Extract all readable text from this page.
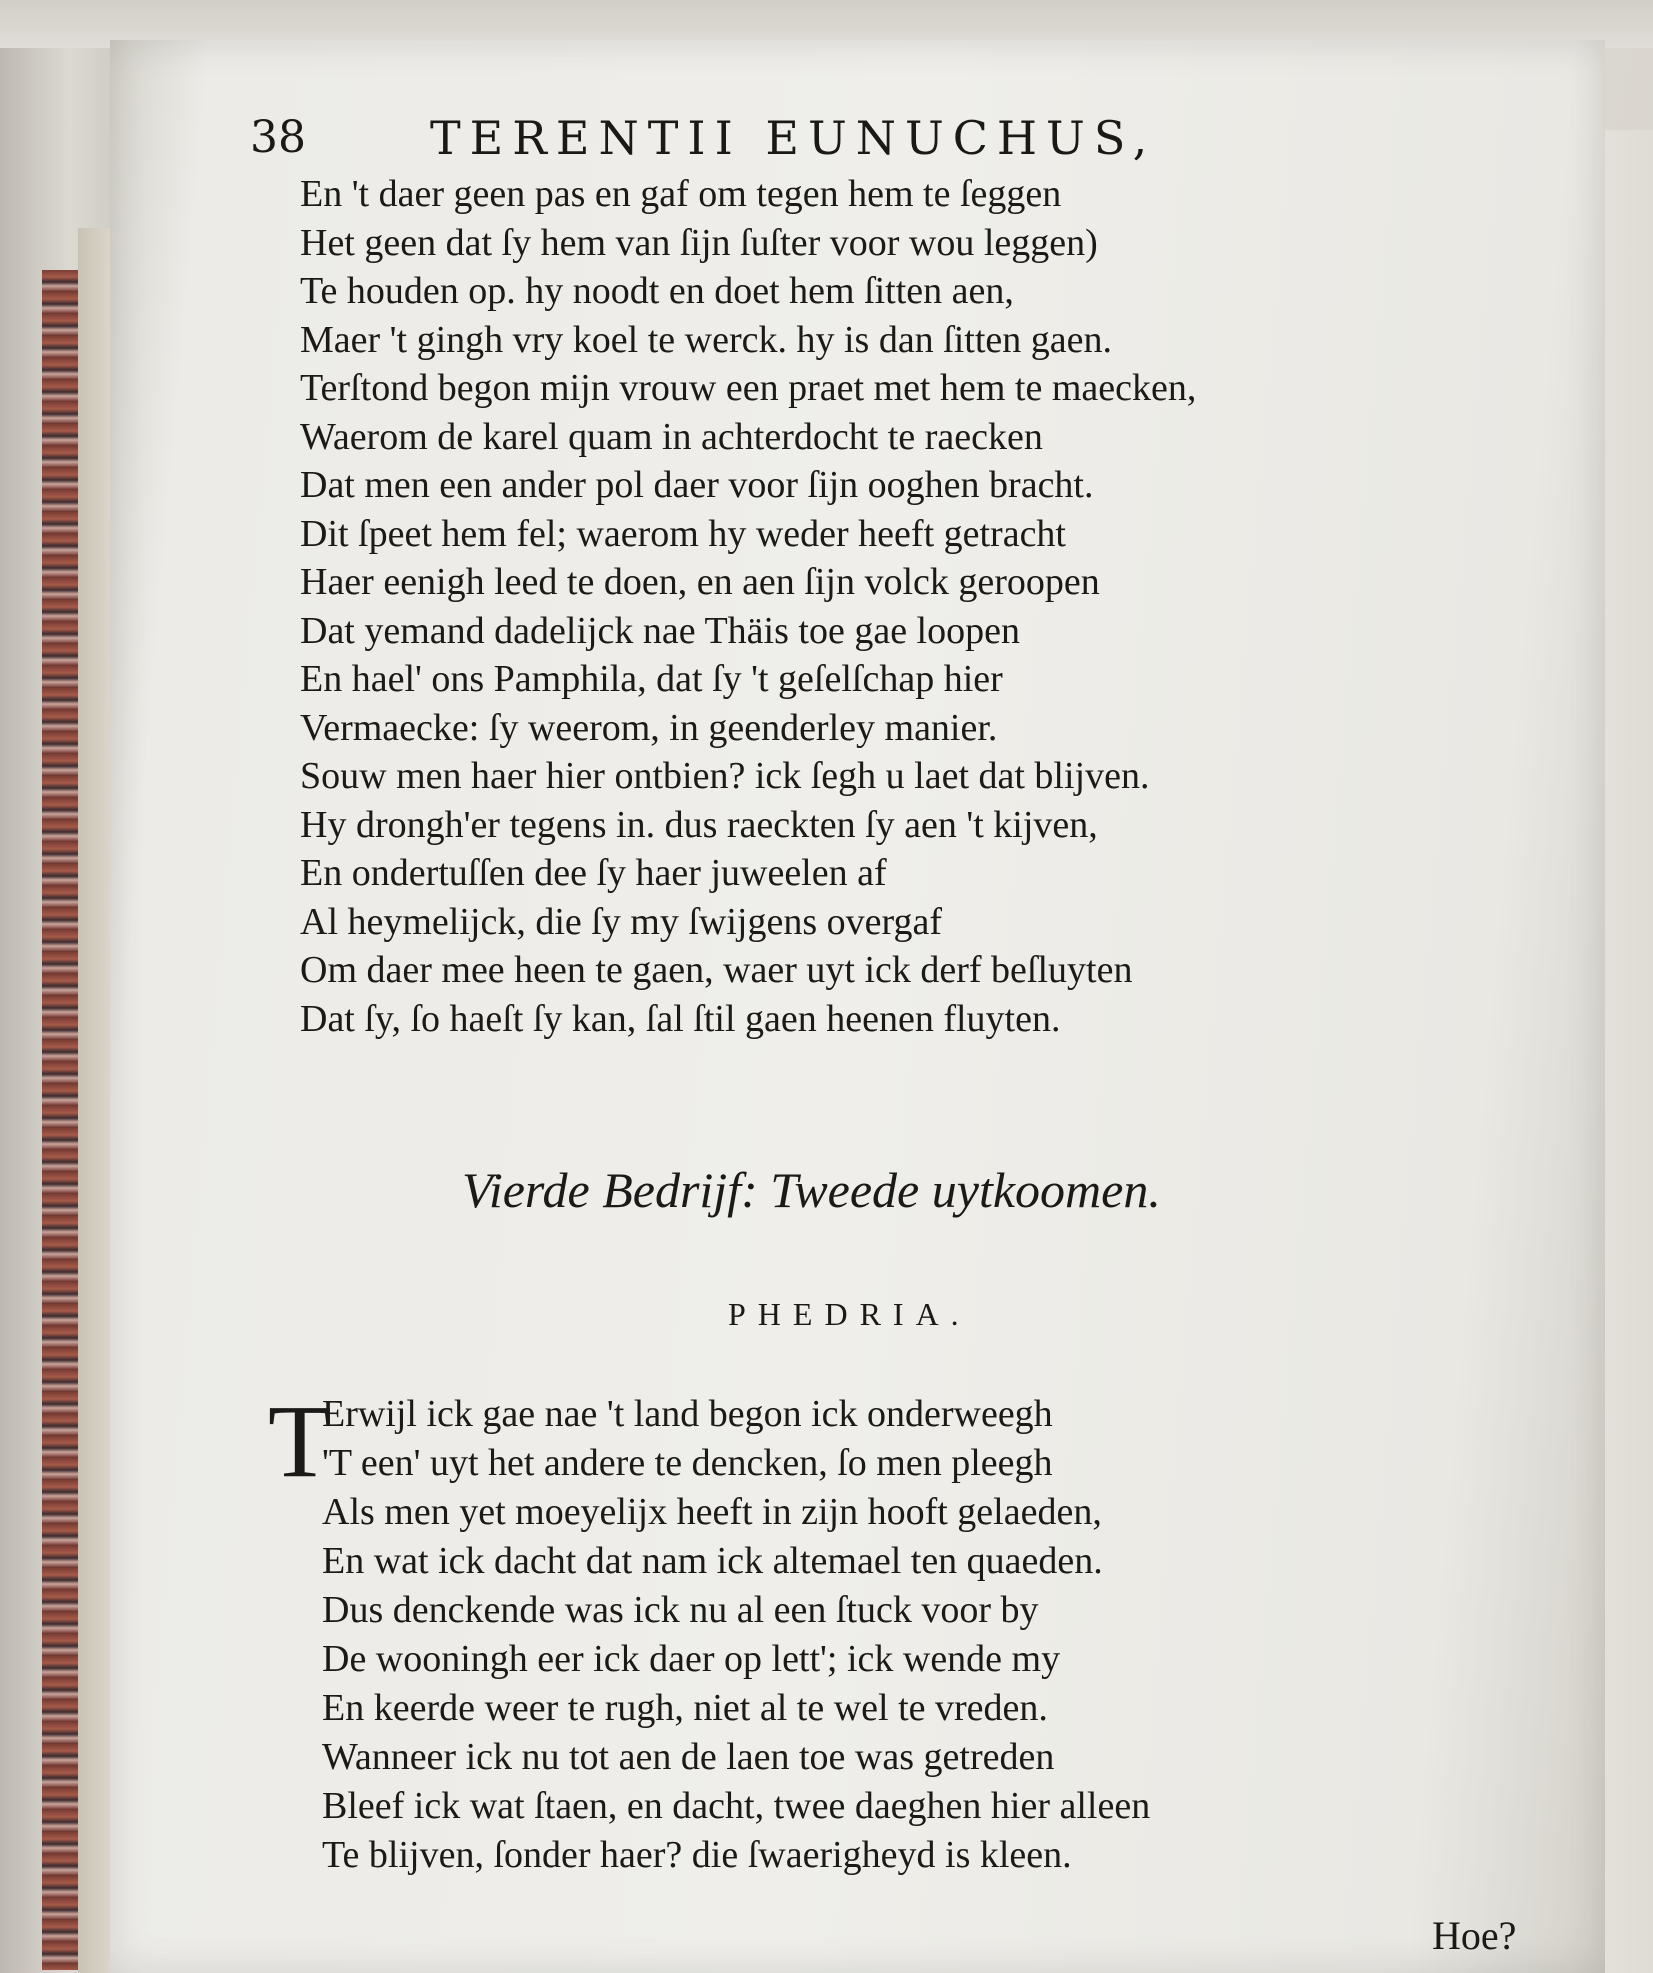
38	TERENTII EUNUCHUS,
En 't daer geen pas en gaf om tegen hem te ſeggen
Het geen dat ſy hem van ſijn ſuſter voor wou leggen)
Te houden op. hy noodt en doet hem ſitten aen,
Maer 't gingh vry koel te werck. hy is dan ſitten gaen.
Terſtond begon mijn vrouw een praet met hem te maecken,
Waerom de karel quam in achterdocht te raecken
Dat men een ander pol daer voor ſijn ooghen bracht.
Dit ſpeet hem fel; waerom hy weder heeft getracht
Haer eenigh leed te doen, en aen ſijn volck geroopen
Dat yemand dadelijck nae Thäis toe gae loopen
En hael' ons Pamphila, dat ſy 't geſelſchap hier
Vermaecke: ſy weerom, in geenderley manier.
Souw men haer hier ontbien? ick ſegh u laet dat blijven.
Hy drongh'er tegens in. dus raeckten ſy aen 't kijven,
En ondertuſſen dee ſy haer juweelen af
Al heymelijck, die ſy my ſwijgens overgaf
Om daer mee heen te gaen, waer uyt ick derf beſluyten
Dat ſy, ſo haeſt ſy kan, ſal ſtil gaen heenen fluyten.
Vierde Bedrijf: Tweede uytkoomen.
PHEDRIA.
T
Erwijl ick gae nae 't land begon ick onderweegh
'T een' uyt het andere te dencken, ſo men pleegh
Als men yet moeyelijx heeft in zijn hooft gelaeden,
En wat ick dacht dat nam ick altemael ten quaeden.
Dus denckende was ick nu al een ſtuck voor by
De wooningh eer ick daer op lett'; ick wende my
En keerde weer te rugh, niet al te wel te vreden.
Wanneer ick nu tot aen de laen toe was getreden
Bleef ick wat ſtaen, en dacht, twee daeghen hier alleen
Te blijven, ſonder haer? die ſwaerigheyd is kleen.
Hoe?
